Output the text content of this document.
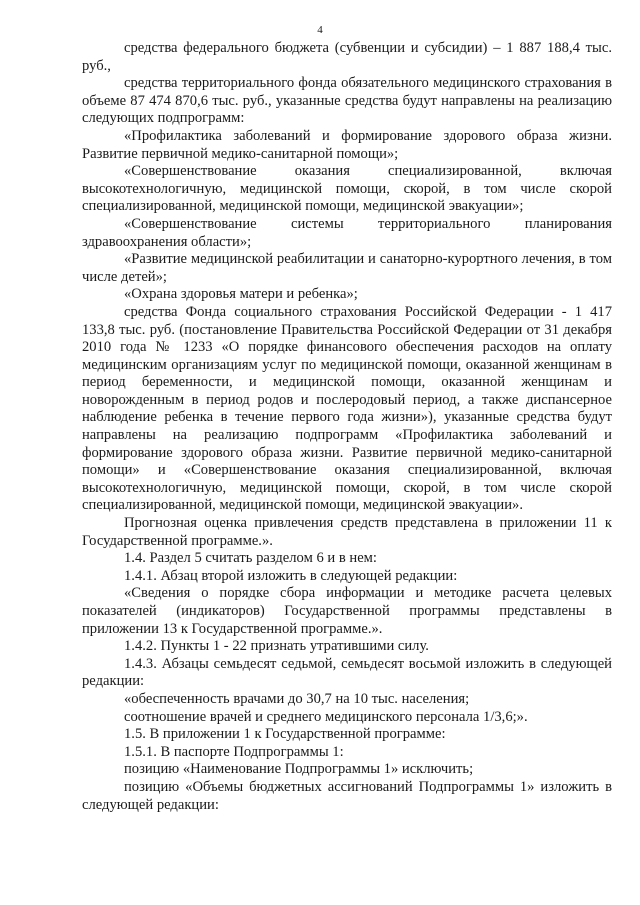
4

средства федерального бюджета (субвенции и субсидии) – 1 887 188,4 тыс. руб.,

средства территориального фонда обязательного медицинского страхования в объеме 87 474 870,6 тыс. руб., указанные средства будут направлены на реализацию следующих подпрограмм:

«Профилактика заболеваний и формирование здорового образа жизни. Развитие первичной медико-санитарной помощи»;

«Совершенствование оказания специализированной, включая высокотехнологичную, медицинской помощи, скорой, в том числе скорой специализированной, медицинской помощи, медицинской эвакуации»;

«Совершенствование системы территориального планирования здравоохранения области»;

«Развитие медицинской реабилитации и санаторно-курортного лечения, в том числе детей»;

«Охрана здоровья матери и ребенка»;

средства Фонда социального страхования Российской Федерации - 1 417 133,8 тыс. руб. (постановление Правительства Российской Федерации от 31 декабря 2010 года № 1233 «О порядке финансового обеспечения расходов на оплату медицинским организациям услуг по медицинской помощи, оказанной женщинам в период беременности, и медицинской помощи, оказанной женщинам и новорожденным в период родов и послеродовый период, а также диспансерное наблюдение ребенка в течение первого года жизни»), указанные средства будут направлены на реализацию подпрограмм «Профилактика заболеваний и формирование здорового образа жизни. Развитие первичной медико-санитарной помощи» и «Совершенствование оказания специализированной, включая высокотехнологичную, медицинской помощи, скорой, в том числе скорой специализированной, медицинской помощи, медицинской эвакуации».

Прогнозная оценка привлечения средств представлена в приложении 11 к Государственной программе.».

1.4. Раздел 5 считать разделом 6 и в нем:

1.4.1. Абзац второй изложить в следующей редакции:

«Сведения о порядке сбора информации и методике расчета целевых показателей (индикаторов) Государственной программы представлены в приложении 13 к Государственной программе.».

1.4.2. Пункты 1 - 22 признать утратившими силу.

1.4.3. Абзацы семьдесят седьмой, семьдесят восьмой изложить в следующей редакции:

«обеспеченность врачами до 30,7 на 10 тыс. населения;

соотношение врачей и среднего медицинского персонала 1/3,6;».

1.5. В приложении 1 к Государственной программе:

1.5.1. В паспорте Подпрограммы 1:

позицию «Наименование Подпрограммы 1» исключить;

позицию «Объемы бюджетных ассигнований Подпрограммы 1» изложить в следующей редакции:
